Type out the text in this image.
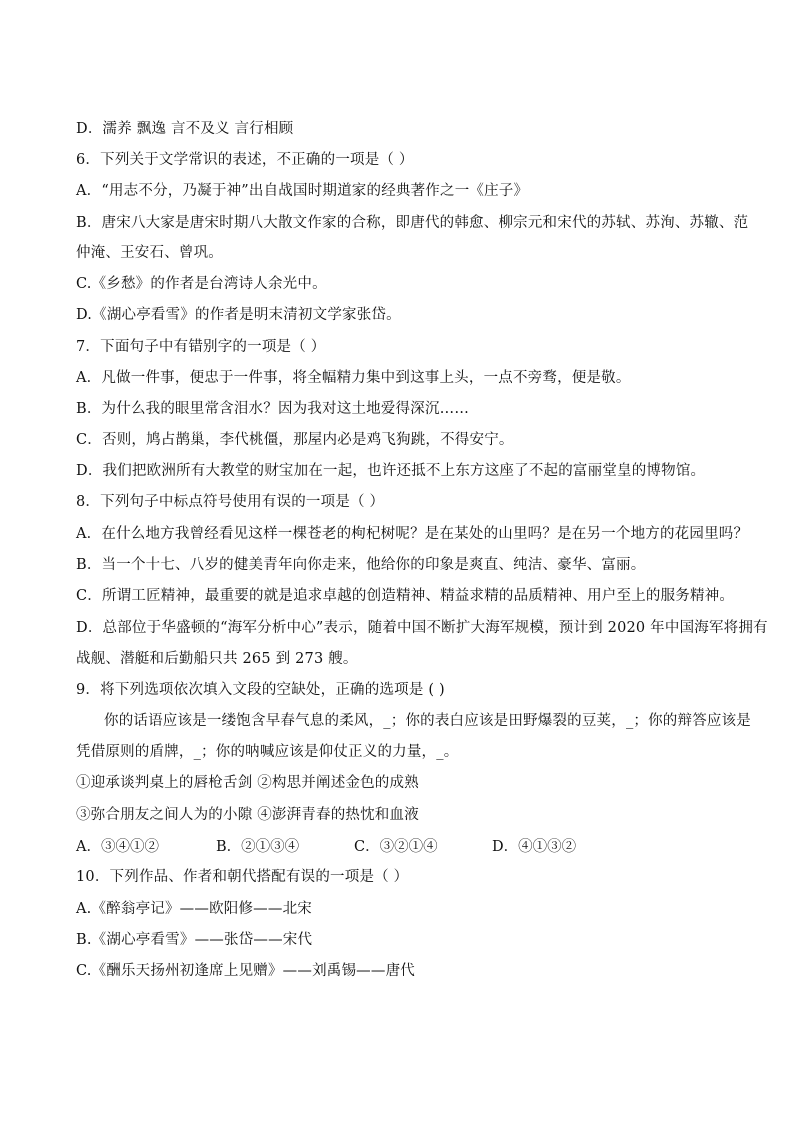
D．濡养 飘逸 言不及义 言行相顾
6．下列关于文学常识的表述，不正确的一项是（ ）
A．“用志不分，乃凝于神”出自战国时期道家的经典著作之一《庄子》
B．唐宋八大家是唐宋时期八大散文作家的合称，即唐代的韩愈、柳宗元和宋代的苏轼、苏洵、苏辙、范
仲淹、王安石、曾巩。
C.《乡愁》的作者是台湾诗人余光中。
D.《湖心亭看雪》的作者是明末清初文学家张岱。
7．下面句子中有错别字的一项是（ ）
A．凡做一件事，便忠于一件事，将全幅精力集中到这事上头，一点不旁骛，便是敬。
B．为什么我的眼里常含泪水？因为我对这土地爱得深沉……
C．否则，鸠占鹊巢，李代桃僵，那屋内必是鸡飞狗跳，不得安宁。
D．我们把欧洲所有大教堂的财宝加在一起，也许还抵不上东方这座了不起的富丽堂皇的博物馆。
8．下列句子中标点符号使用有误的一项是（ ）
A．在什么地方我曾经看见这样一棵苍老的枸杞树呢？是在某处的山里吗？是在另一个地方的花园里吗？
B．当一个十七、八岁的健美青年向你走来，他给你的印象是爽直、纯洁、豪华、富丽。
C．所谓工匠精神，最重要的就是追求卓越的创造精神、精益求精的品质精神、用户至上的服务精神。
D．总部位于华盛顿的“海军分析中心”表示，随着中国不断扩大海军规模，预计到 2020 年中国海军将拥有
战舰、潜艇和后勤船只共 265 到 273 艘。
9．将下列选项依次填入文段的空缺处，正确的选项是 ( )
你的话语应该是一缕饱含早春气息的柔风，_；你的表白应该是田野爆裂的豆荚，_；你的辩答应该是
凭借原则的盾牌，_；你的呐喊应该是仰仗正义的力量，_。
①迎承谈判桌上的唇枪舌剑 ②构思并阐述金色的成熟
③弥合朋友之间人为的小隙 ④澎湃青春的热忱和血液
A．③④①②	B．②①③④	C．③②①④	D．④①③②
10．下列作品、作者和朝代搭配有误的一项是（ ）
A.《醉翁亭记》——欧阳修——北宋
B.《湖心亭看雪》——张岱——宋代
C.《酬乐天扬州初逢席上见赠》——刘禹锡——唐代
